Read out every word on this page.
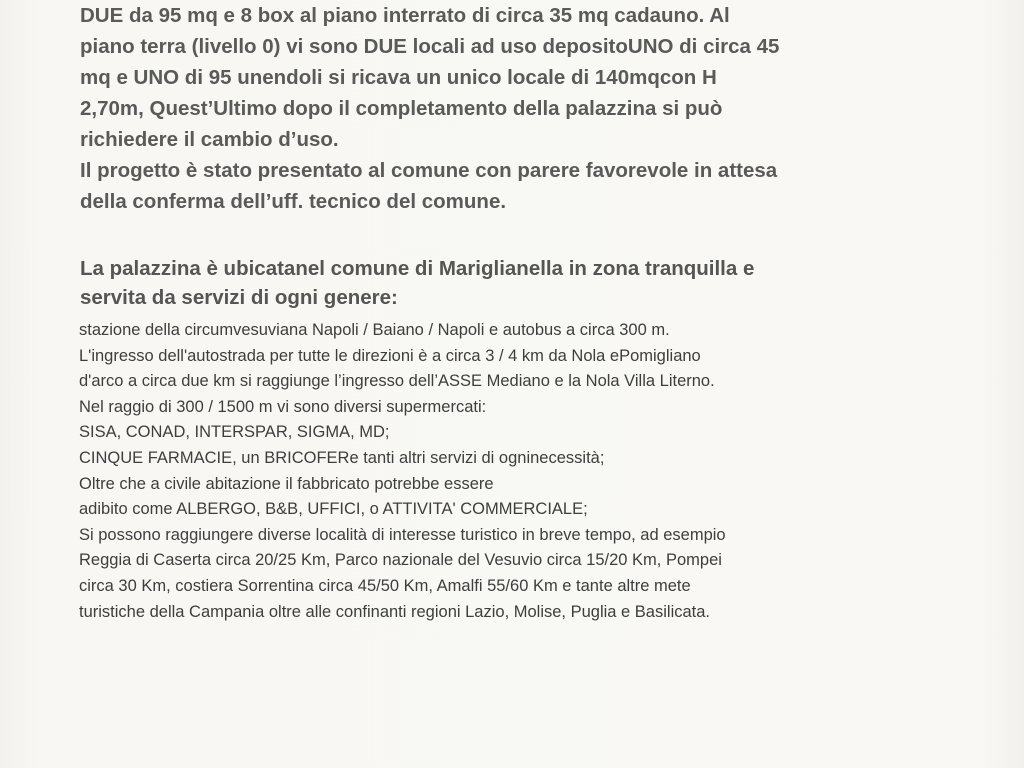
DUE da 95 mq e 8 box al piano interrato di circa 35 mq cadauno. Al
piano terra (livello 0) vi sono DUE locali ad uso depositoUNO di circa 45
mq e UNO di 95 unendoli si ricava un unico locale di 140mqcon H
2,70m, Quest’Ultimo dopo il completamento della palazzina si può
richiedere il cambio d’uso.
Il progetto è stato presentato al comune con parere favorevole in attesa
della conferma dell’uff. tecnico del comune.
La palazzina è ubicatanel comune di Mariglianella in zona tranquilla e
servita da servizi di ogni genere:
stazione della circumvesuviana Napoli / Baiano / Napoli e autobus a circa 300 m.
L'ingresso dell'autostrada per tutte le direzioni è a circa 3 / 4 km da Nola ePomigliano
d'arco a circa due km si raggiunge l’ingresso dell’ASSE Mediano e la Nola Villa Literno.
Nel raggio di 300 / 1500 m vi sono diversi supermercati:
SISA, CONAD, INTERSPAR, SIGMA, MD;
CINQUE FARMACIE, un BRICOFERe tanti altri servizi di ogninecessità;
Oltre che a civile abitazione il fabbricato potrebbe essere
adibito come ALBERGO, B&B, UFFICI, o ATTIVITA' COMMERCIALE;
Si possono raggiungere diverse località di interesse turistico in breve tempo, ad esempio
Reggia di Caserta circa 20/25 Km, Parco nazionale del Vesuvio circa 15/20 Km, Pompei
circa 30 Km, costiera Sorrentina circa 45/50 Km, Amalfi 55/60 Km e tante altre mete
turistiche della Campania oltre alle confinanti regioni Lazio, Molise, Puglia e Basilicata.
